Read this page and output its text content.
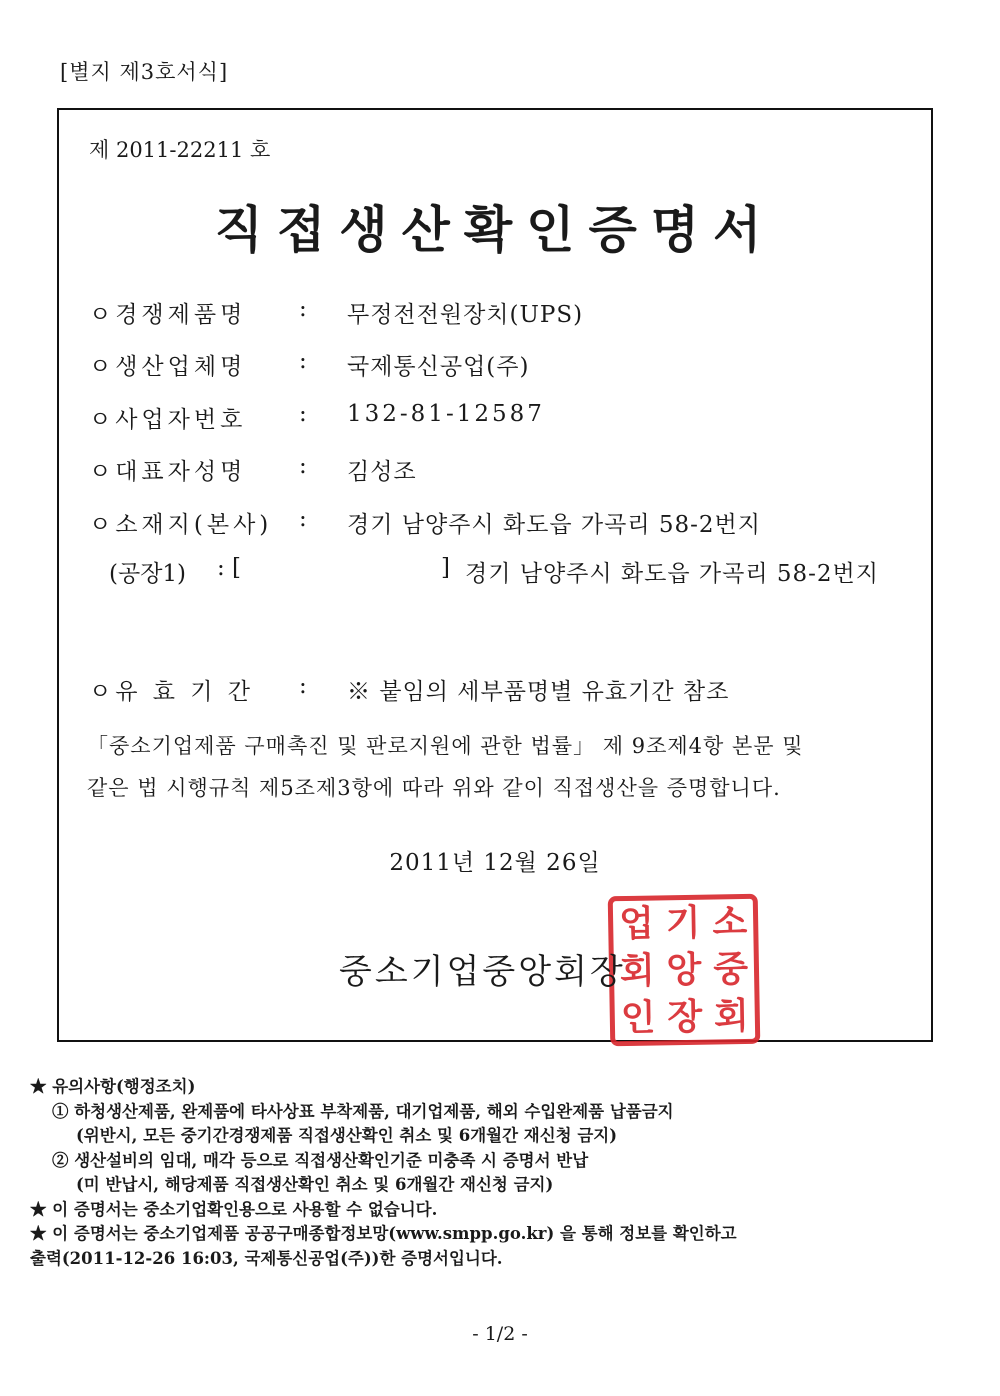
[별지 제3호서식]
제 2011-22211 호
직접생산확인증명서
ㅇ경쟁제품명 : 무정전전원장치(UPS)
ㅇ생산업체명 : 국제통신공업(주)
ㅇ사업자번호 : 132-81-12587
ㅇ대표자성명 : 김성조
ㅇ소재지(본사) : 경기 남양주시 화도읍 가곡리 58-2번지
(공장1) : [	] 경기 남양주시 화도읍 가곡리 58-2번지
ㅇ유 효 기 간 : ※ 붙임의 세부품명별 유효기간 참조
「중소기업제품 구매촉진 및 판로지원에 관한 법률」 제 9조제4항 본문 및
같은 법 시행규칙 제5조제3항에 따라 위와 같이 직접생산을 증명합니다.
2011년 12월 26일
업 기 소
회 앙 중
인 장 회
중소기업중앙회장
★ 유의사항(행정조치)
① 하청생산제품, 완제품에 타사상표 부착제품, 대기업제품, 해외 수입완제품 납품금지
(위반시, 모든 중기간경쟁제품 직접생산확인 취소 및 6개월간 재신청 금지)
② 생산설비의 임대, 매각 등으로 직접생산확인기준 미충족 시 증명서 반납
(미 반납시, 해당제품 직접생산확인 취소 및 6개월간 재신청 금지)
★ 이 증명서는 중소기업확인용으로 사용할 수 없습니다.
★ 이 증명서는 중소기업제품 공공구매종합정보망(www.smpp.go.kr) 을 통해 정보를 확인하고
출력(2011-12-26 16:03, 국제통신공업(주))한 증명서입니다.
- 1/2 -
